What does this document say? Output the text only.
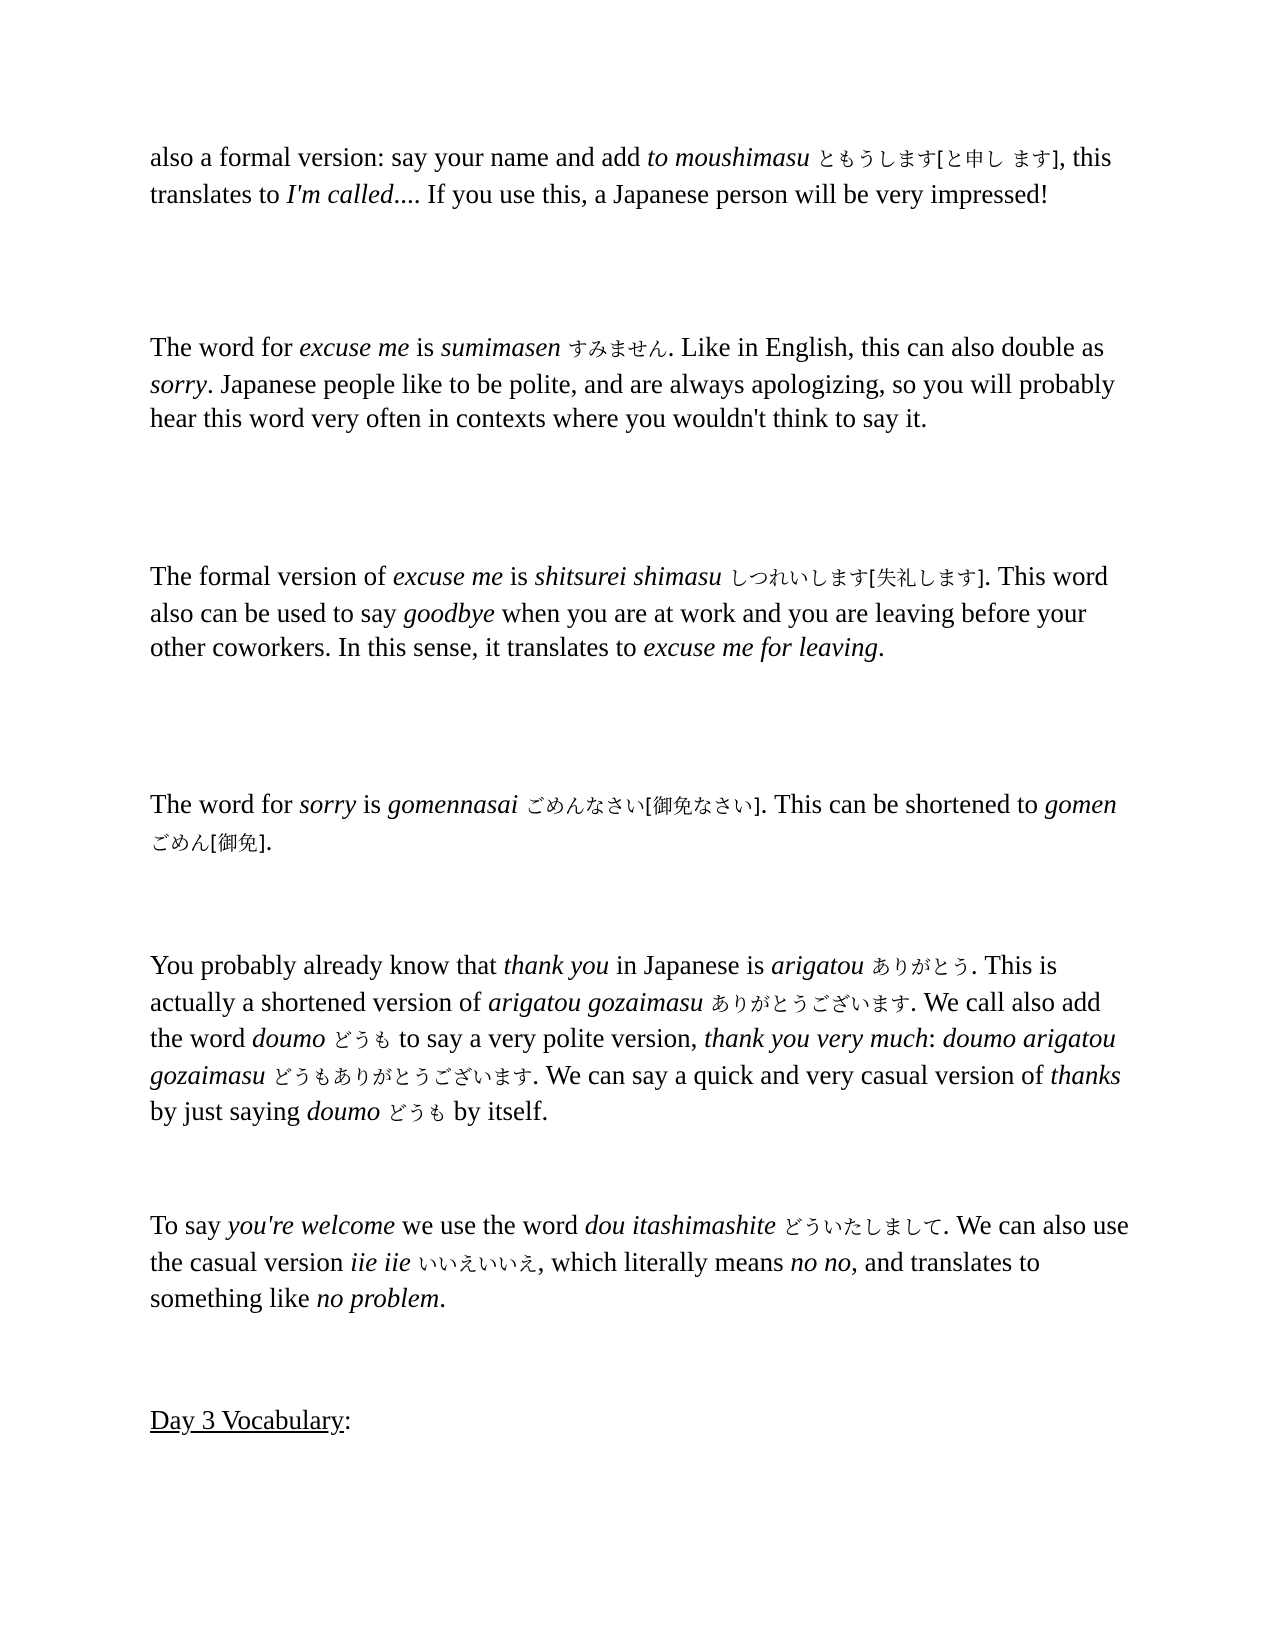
also a formal version: say your name and add to moushimasu ともうします[と申し ます], this translates to I'm called.... If you use this, a Japanese person will be very impressed!

The word for excuse me is sumimasen すみません. Like in English, this can also double as sorry. Japanese people like to be polite, and are always apologizing, so you will probably hear this word very often in contexts where you wouldn't think to say it.

The formal version of excuse me is shitsurei shimasu しつれいします[失礼します]. This word also can be used to say goodbye when you are at work and you are leaving before your other coworkers. In this sense, it translates to excuse me for leaving.

The word for sorry is gomennasai ごめんなさい[御免なさい]. This can be shortened to gomen ごめん[御免].

You probably already know that thank you in Japanese is arigatou ありがとう. This is actually a shortened version of arigatou gozaimasu ありがとうございます. We call also add the word doumo どうも to say a very polite version, thank you very much: doumo arigatou gozaimasu どうもありがとうございます. We can say a quick and very casual version of thanks by just saying doumo どうも by itself.

To say you're welcome we use the word dou itashimashite どういたしまして. We can also use the casual version iie iie いいえいいえ, which literally means no no, and translates to something like no problem.

Day 3 Vocabulary:
